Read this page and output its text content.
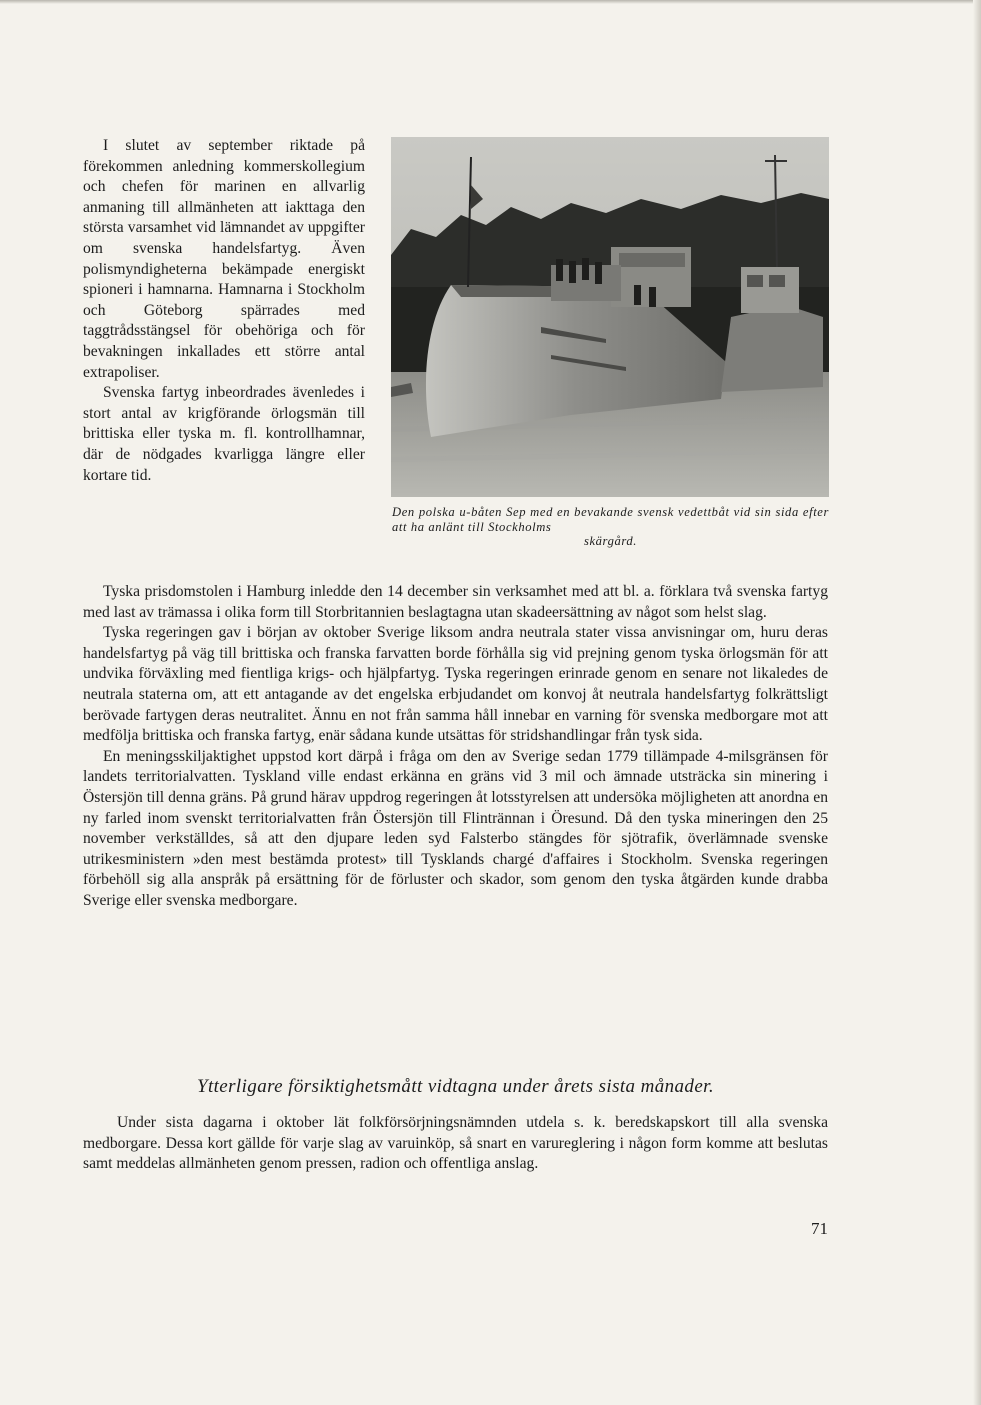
I slutet av september riktade på förekommen anledning kommerskollegium och chefen för marinen en allvarlig anmaning till allmänheten att iakttaga den största varsamhet vid lämnandet av uppgifter om svenska handelsfartyg. Även polismyndigheterna bekämpade energiskt spioneri i hamnarna. Hamnarna i Stockholm och Göteborg spärrades med taggtrådsstängsel för obehöriga och för bevakningen inkallades ett större antal extrapoliser.

Svenska fartyg inbeordrades ävenledes i stort antal av krigförande örlogsmän till brittiska eller tyska m. fl. kontrollhamnar, där de nödgades kvarligga längre eller kortare tid.

Den polska u-båten Sep med en bevakande svensk vedettbåt vid sin sida efter att ha anlänt till Stockholms
skärgård.

Tyska prisdomstolen i Hamburg inledde den 14 december sin verksamhet med att bl. a. förklara två svenska fartyg med last av trämassa i olika form till Storbritannien beslagtagna utan skadeersättning av något som helst slag.

Tyska regeringen gav i början av oktober Sverige liksom andra neutrala stater vissa anvisningar om, huru deras handelsfartyg på väg till brittiska och franska farvatten borde förhålla sig vid prejning genom tyska örlogsmän för att undvika förväxling med fientliga krigs- och hjälpfartyg. Tyska regeringen erinrade genom en senare not likaledes de neutrala staterna om, att ett antagande av det engelska erbjudandet om konvoj åt neutrala handelsfartyg folkrättsligt berövade fartygen deras neutralitet. Ännu en not från samma håll innebar en varning för svenska medborgare mot att medfölja brittiska och franska fartyg, enär sådana kunde utsättas för stridshandlingar från tysk sida.

En meningsskiljaktighet uppstod kort därpå i fråga om den av Sverige sedan 1779 tillämpade 4-milsgränsen för landets territorialvatten. Tyskland ville endast erkänna en gräns vid 3 mil och ämnade utsträcka sin minering i Östersjön till denna gräns. På grund härav uppdrog regeringen åt lotsstyrelsen att undersöka möjligheten att anordna en ny farled inom svenskt territorialvatten från Östersjön till Flintrännan i Öresund. Då den tyska mineringen den 25 november verkställdes, så att den djupare leden syd Falsterbo stängdes för sjötrafik, överlämnade svenske utrikesministern »den mest bestämda protest» till Tysklands chargé d'affaires i Stockholm. Svenska regeringen förbehöll sig alla anspråk på ersättning för de förluster och skador, som genom den tyska åtgärden kunde drabba Sverige eller svenska medborgare.

Ytterligare försiktighetsmått vidtagna under årets sista månader.

Under sista dagarna i oktober lät folkförsörjningsnämnden utdela s. k. beredskapskort till alla svenska medborgare. Dessa kort gällde för varje slag av varuinköp, så snart en varureglering i någon form komme att beslutas samt meddelas allmänheten genom pressen, radion och offentliga anslag.

71
